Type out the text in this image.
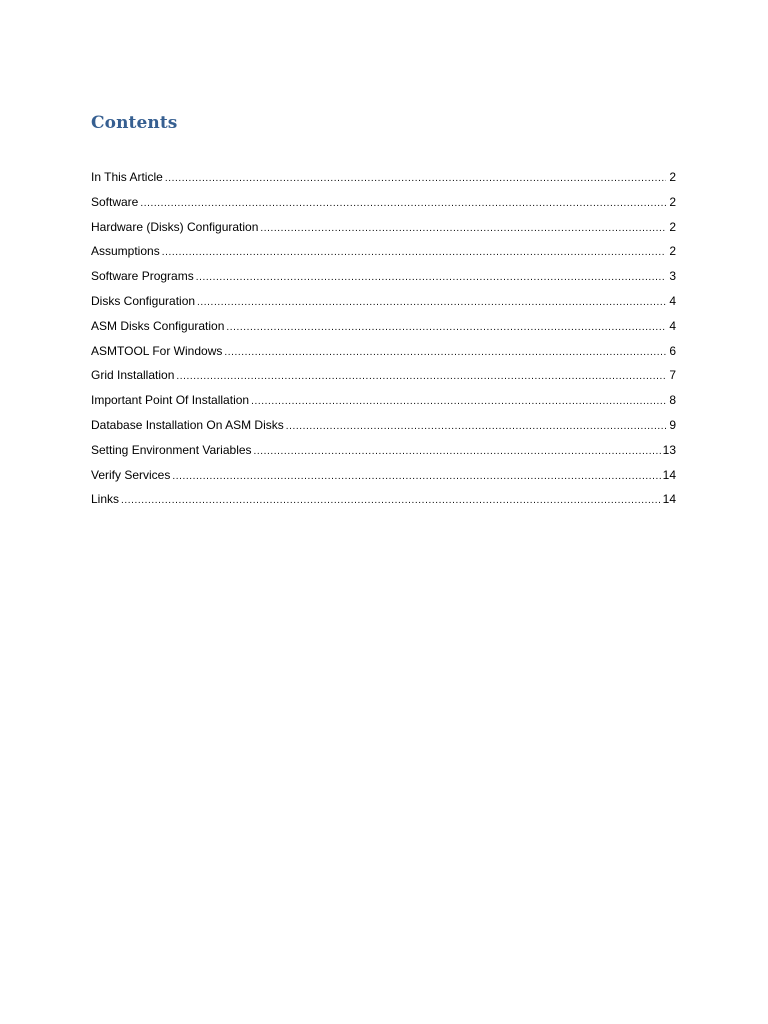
Contents
In This Article .....	2
Software .....	2
Hardware (Disks) Configuration .....	2
Assumptions .....	2
Software Programs .....	3
Disks Configuration .....	4
ASM Disks Configuration .....	4
ASMTOOL For Windows .....	6
Grid Installation .....	7
Important Point Of Installation .....	8
Database Installation On ASM Disks .....	9
Setting Environment Variables .....	13
Verify Services .....	14
Links .....	14
